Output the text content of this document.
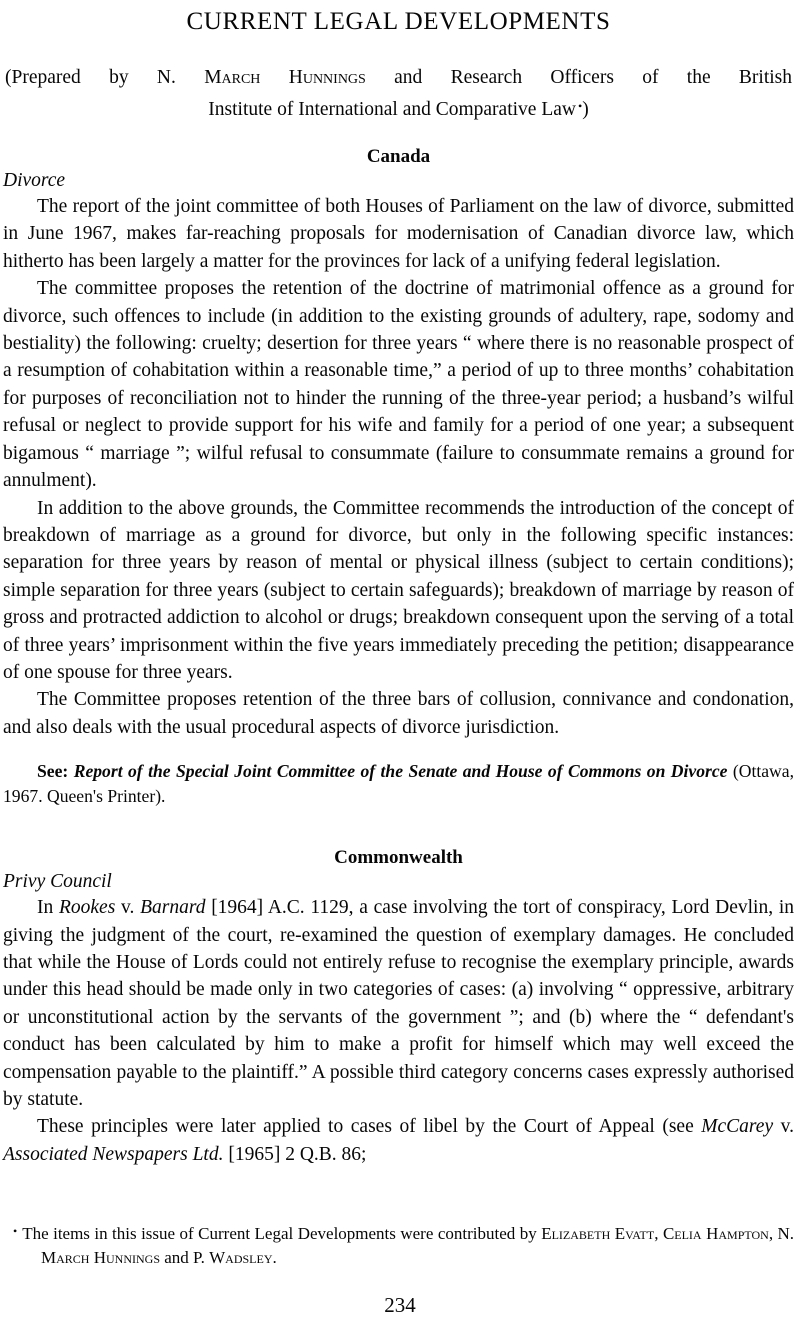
CURRENT LEGAL DEVELOPMENTS
(Prepared by N. March Hunnings and Research Officers of the British
Institute of International and Comparative Law •)
Canada
Divorce

The report of the joint committee of both Houses of Parliament on the law of divorce, submitted in June 1967, makes far-reaching proposals for modernisation of Canadian divorce law, which hitherto has been largely a matter for the provinces for lack of a unifying federal legislation.

The committee proposes the retention of the doctrine of matrimonial offence as a ground for divorce, such offences to include (in addition to the existing grounds of adultery, rape, sodomy and bestiality) the following: cruelty; desertion for three years “ where there is no reasonable prospect of a resumption of cohabitation within a reasonable time,” a period of up to three months’ cohabitation for purposes of reconciliation not to hinder the running of the three-year period; a husband’s wilful refusal or neglect to provide support for his wife and family for a period of one year; a subsequent bigamous “ marriage ”; wilful refusal to consummate (failure to consummate remains a ground for annulment).

In addition to the above grounds, the Committee recommends the introduction of the concept of breakdown of marriage as a ground for divorce, but only in the following specific instances: separation for three years by reason of mental or physical illness (subject to certain conditions); simple separation for three years (subject to certain safeguards); breakdown of marriage by reason of gross and protracted addiction to alcohol or drugs; breakdown consequent upon the serving of a total of three years’ imprisonment within the five years immediately preceding the petition; disappearance of one spouse for three years.

The Committee proposes retention of the three bars of collusion, connivance and condonation, and also deals with the usual procedural aspects of divorce jurisdiction.

See: Report of the Special Joint Committee of the Senate and House of Commons on Divorce (Ottawa, 1967. Queen's Printer).

Commonwealth
Privy Council

In Rookes v. Barnard [1964] A.C. 1129, a case involving the tort of conspiracy, Lord Devlin, in giving the judgment of the court, re-examined the question of exemplary damages. He concluded that while the House of Lords could not entirely refuse to recognise the exemplary principle, awards under this head should be made only in two categories of cases: (a) involving “ oppressive, arbitrary or unconstitutional action by the servants of the government ”; and (b) where the “ defendant's conduct has been calculated by him to make a profit for himself which may well exceed the compensation payable to the plaintiff.” A possible third category concerns cases expressly authorised by statute.

These principles were later applied to cases of libel by the Court of Appeal (see McCarey v. Associated Newspapers Ltd. [1965] 2 Q.B. 86;

• The items in this issue of Current Legal Developments were contributed by Elizabeth Evatt, Celia Hampton, N. March Hunnings and P. Wadsley.

234
